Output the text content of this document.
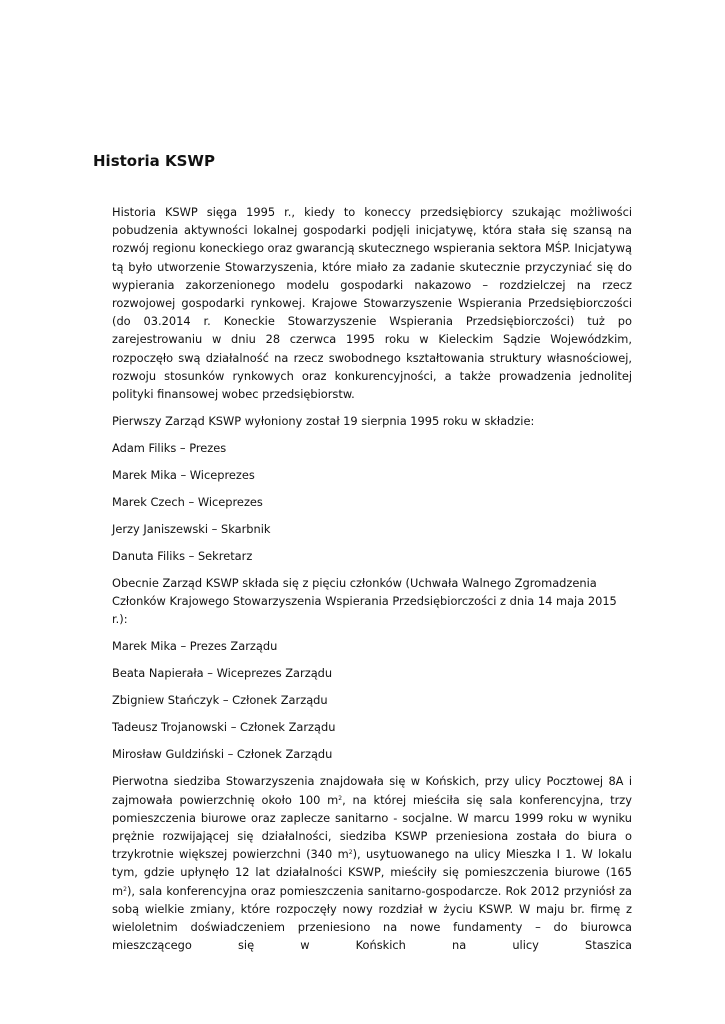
Historia KSWP

Historia KSWP sięga 1995 r., kiedy to koneccy przedsiębiorcy szukając możliwości pobudzenia aktywności lokalnej gospodarki podjęli inicjatywę, która stała się szansą na rozwój regionu koneckiego oraz gwarancją skutecznego wspierania sektora MŚP. Inicjatywą tą było utworzenie Stowarzyszenia, które miało za zadanie skutecznie przyczyniać się do wypierania zakorzenionego modelu gospodarki nakazowo – rozdzielczej na rzecz rozwojowej gospodarki rynkowej. Krajowe Stowarzyszenie Wspierania Przedsiębiorczości (do 03.2014 r. Koneckie Stowarzyszenie Wspierania Przedsiębiorczości) tuż po zarejestrowaniu w dniu 28 czerwca 1995 roku w Kieleckim Sądzie Wojewódzkim, rozpoczęło swą działalność na rzecz swobodnego kształtowania struktury własnościowej, rozwoju stosunków rynkowych oraz konkurencyjności, a także prowadzenia jednolitej polityki finansowej wobec przedsiębiorstw.

Pierwszy Zarząd KSWP wyłoniony został 19 sierpnia 1995 roku w składzie:

Adam Filiks – Prezes

Marek Mika – Wiceprezes

Marek Czech – Wiceprezes

Jerzy Janiszewski – Skarbnik

Danuta Filiks – Sekretarz

Obecnie Zarząd KSWP składa się z pięciu członków (Uchwała Walnego Zgromadzenia Członków Krajowego Stowarzyszenia Wspierania Przedsiębiorczości z dnia 14 maja 2015 r.):

Marek Mika – Prezes Zarządu

Beata Napierała – Wiceprezes Zarządu

Zbigniew Stańczyk – Członek Zarządu

Tadeusz Trojanowski – Członek Zarządu

Mirosław Guldziński – Członek Zarządu

Pierwotna siedziba Stowarzyszenia znajdowała się w Końskich, przy ulicy Pocztowej 8A i zajmowała powierzchnię około 100 $m^2$, na której mieściła się sala konferencyjna, trzy pomieszczenia biurowe oraz zaplecze sanitarno - socjalne. W marcu 1999 roku w wyniku prężnie rozwijającej się działalności, siedziba KSWP przeniesiona została do biura o trzykrotnie większej powierzchni (340 $m^2$), usytuowanego na ulicy Mieszka I 1. W lokalu tym, gdzie upłynęło 12 lat działalności KSWP, mieściły się pomieszczenia biurowe (165 $m^2$), sala konferencyjna oraz pomieszczenia sanitarno-gospodarcze. Rok 2012 przyniósł za sobą wielkie zmiany, które rozpoczęły nowy rozdział w życiu KSWP. W maju br. firmę z wieloletnim doświadczeniem przeniesiono na nowe fundamenty – do biurowca mieszczącego się w Końskich na ulicy Staszica
